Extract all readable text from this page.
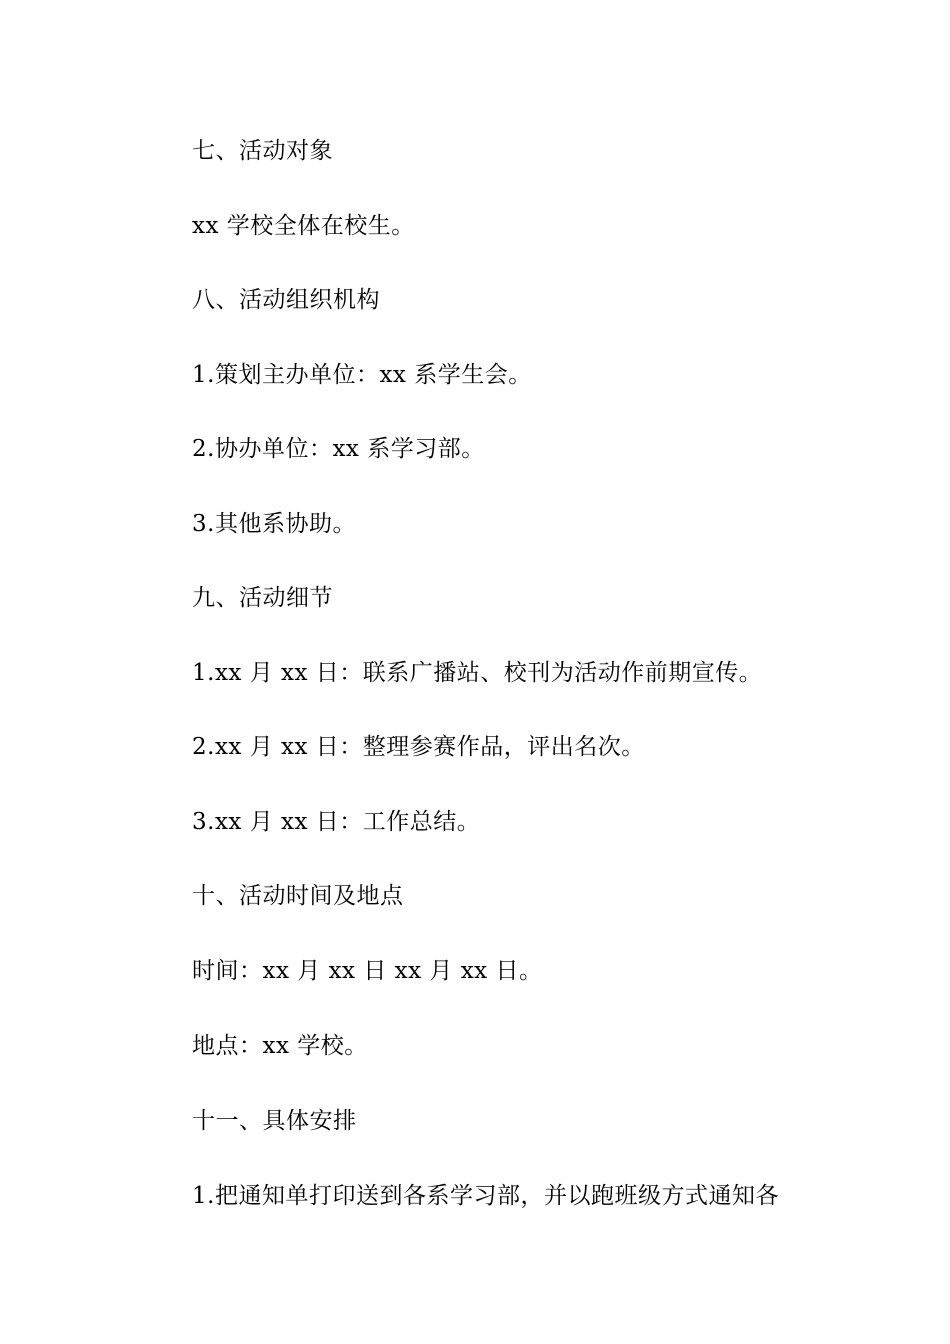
七、活动对象
xx 学校全体在校生。
八、活动组织机构
1.策划主办单位：xx 系学生会。
2.协办单位：xx 系学习部。
3.其他系协助。
九、活动细节
1.xx 月 xx 日：联系广播站、校刊为活动作前期宣传。
2.xx 月 xx 日：整理参赛作品，评出名次。
3.xx 月 xx 日：工作总结。
十、活动时间及地点
时间：xx 月 xx 日 xx 月 xx 日。
地点：xx 学校。
十一、具体安排
1.把通知单打印送到各系学习部，并以跑班级方式通知各
